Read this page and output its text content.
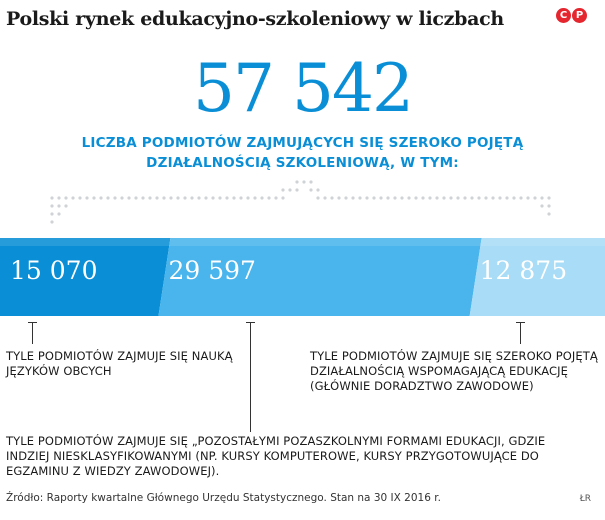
Polski rynek edukacyjno-szkoleniowy w liczbach	C P
57 542
LICZBA PODMIOTÓW ZAJMUJĄCYCH SIĘ SZEROKO POJĘTĄ DZIAŁALNOŚCIĄ SZKOLENIOWĄ, W TYM:
15 070	29 597	12 875
TYLE PODMIOTÓW ZAJMUJE SIĘ NAUKĄ JĘZYKÓW OBCYCH
TYLE PODMIOTÓW ZAJMUJE SIĘ SZEROKO POJĘTĄ DZIAŁALNOŚCIĄ WSPOMAGAJĄCĄ EDUKACJĘ (GŁÓWNIE DORADZTWO ZAWODOWE)
TYLE PODMIOTÓW ZAJMUJE SIĘ „POZOSTAŁYMI POZASZKOLNYMI FORMAMI EDUKACJI, GDZIE INDZIEJ NIESKLASYFIKOWANYMI (NP. KURSY KOMPUTEROWE, KURSY PRZYGOTOWUJĄCE DO EGZAMINU Z WIEDZY ZAWODOWEJ).
Źródło: Raporty kwartalne Głównego Urzędu Statystycznego. Stan na 30 IX 2016 r.	ŁR
